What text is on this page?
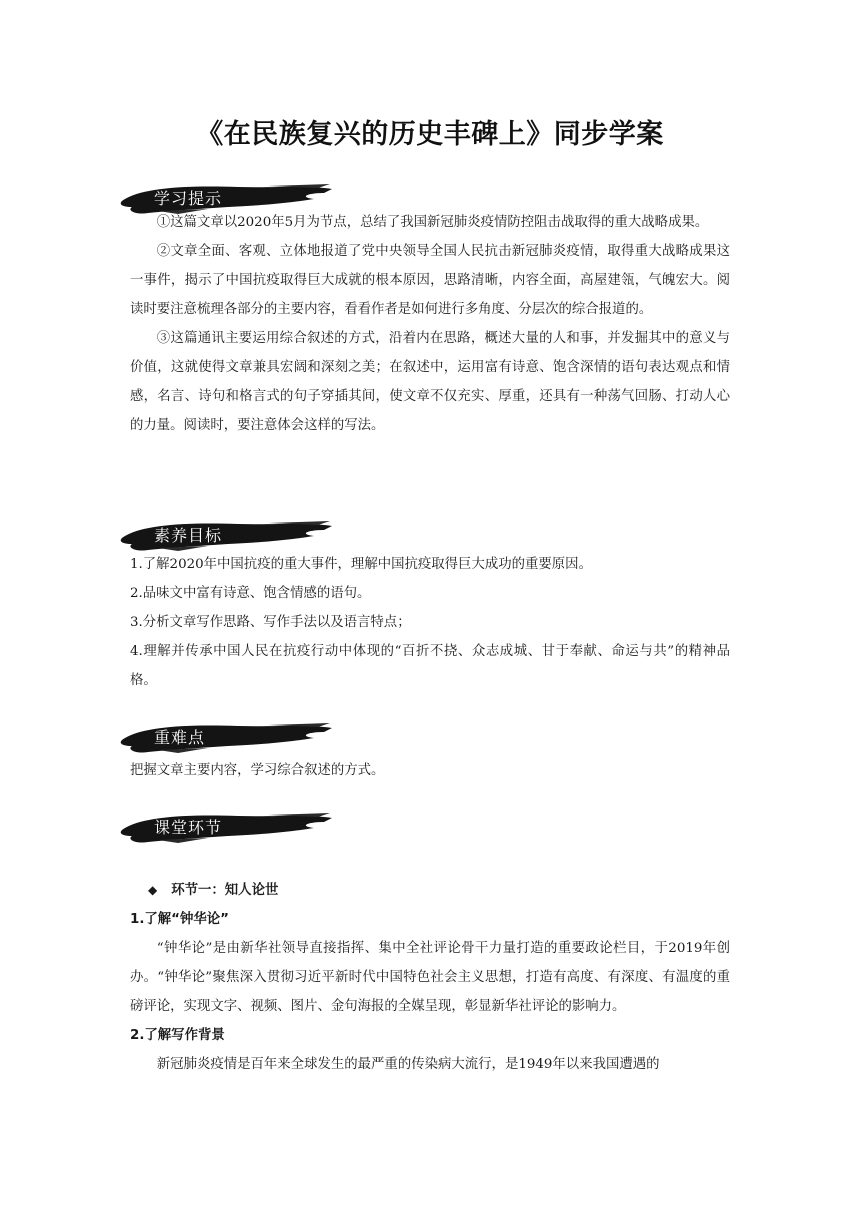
《在民族复兴的历史丰碑上》同步学案
学习提示

①这篇文章以2020年5月为节点，总结了我国新冠肺炎疫情防控阻击战取得的重大战略成果。

②文章全面、客观、立体地报道了党中央领导全国人民抗击新冠肺炎疫情，取得重大战略成果这一事件，揭示了中国抗疫取得巨大成就的根本原因，思路清晰，内容全面，高屋建瓴，气魄宏大。阅读时要注意梳理各部分的主要内容，看看作者是如何进行多角度、分层次的综合报道的。

③这篇通讯主要运用综合叙述的方式，沿着内在思路，概述大量的人和事，并发掘其中的意义与价值，这就使得文章兼具宏阔和深刻之美；在叙述中，运用富有诗意、饱含深情的语句表达观点和情感，名言、诗句和格言式的句子穿插其间，使文章不仅充实、厚重，还具有一种荡气回肠、打动人心的力量。阅读时，要注意体会这样的写法。

素养目标

1.了解2020年中国抗疫的重大事件，理解中国抗疫取得巨大成功的重要原因。

2.品味文中富有诗意、饱含情感的语句。

3.分析文章写作思路、写作手法以及语言特点；

4.理解并传承中国人民在抗疫行动中体现的“百折不挠、众志成城、甘于奉献、命运与共”的精神品格。

重难点

把握文章主要内容，学习综合叙述的方式。

课堂环节

◆ 环节一：知人论世

1.了解“钟华论”

“钟华论”是由新华社领导直接指挥、集中全社评论骨干力量打造的重要政论栏目，于2019年创办。“钟华论”聚焦深入贯彻习近平新时代中国特色社会主义思想，打造有高度、有深度、有温度的重磅评论，实现文字、视频、图片、金句海报的全媒呈现，彰显新华社评论的影响力。

2.了解写作背景

新冠肺炎疫情是百年来全球发生的最严重的传染病大流行，是1949年以来我国遭遇的
